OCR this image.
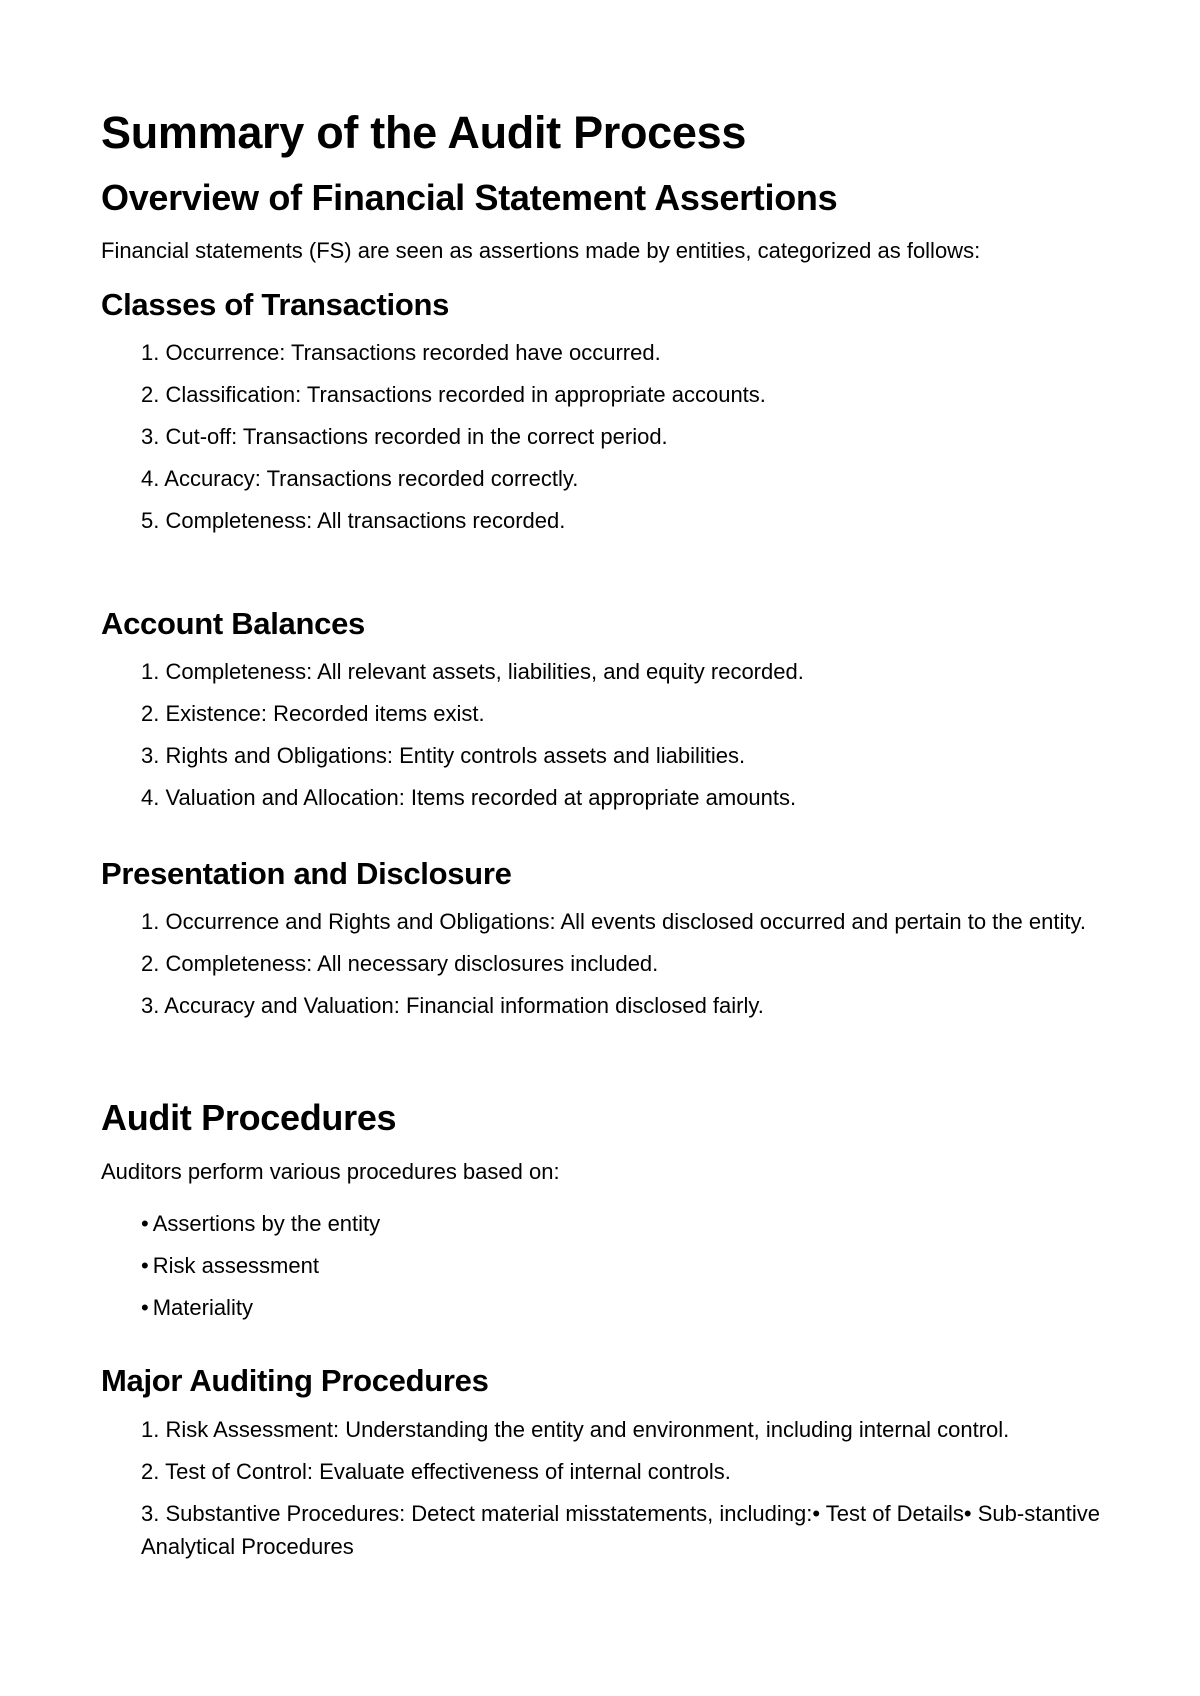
Summary of the Audit Process
Overview of Financial Statement Assertions

Financial statements (FS) are seen as assertions made by entities, categorized as follows:

Classes of Transactions
1. Occurrence: Transactions recorded have occurred.
2. Classification: Transactions recorded in appropriate accounts.
3. Cut-off: Transactions recorded in the correct period.
4. Accuracy: Transactions recorded correctly.
5. Completeness: All transactions recorded.
Account Balances
1. Completeness: All relevant assets, liabilities, and equity recorded.
2. Existence: Recorded items exist.
3. Rights and Obligations: Entity controls assets and liabilities.
4. Valuation and Allocation: Items recorded at appropriate amounts.
Presentation and Disclosure
1. Occurrence and Rights and Obligations: All events disclosed occurred and pertain to the entity.
2. Completeness: All necessary disclosures included.
3. Accuracy and Valuation: Financial information disclosed fairly.
Audit Procedures

Auditors perform various procedures based on:

• Assertions by the entity
• Risk assessment
• Materiality
Major Auditing Procedures
1. Risk Assessment: Understanding the entity and environment, including internal control.
2. Test of Control: Evaluate effectiveness of internal controls.
3. Substantive Procedures: Detect material misstatements, including:• Test of Details• Sub-stantive Analytical Procedures
